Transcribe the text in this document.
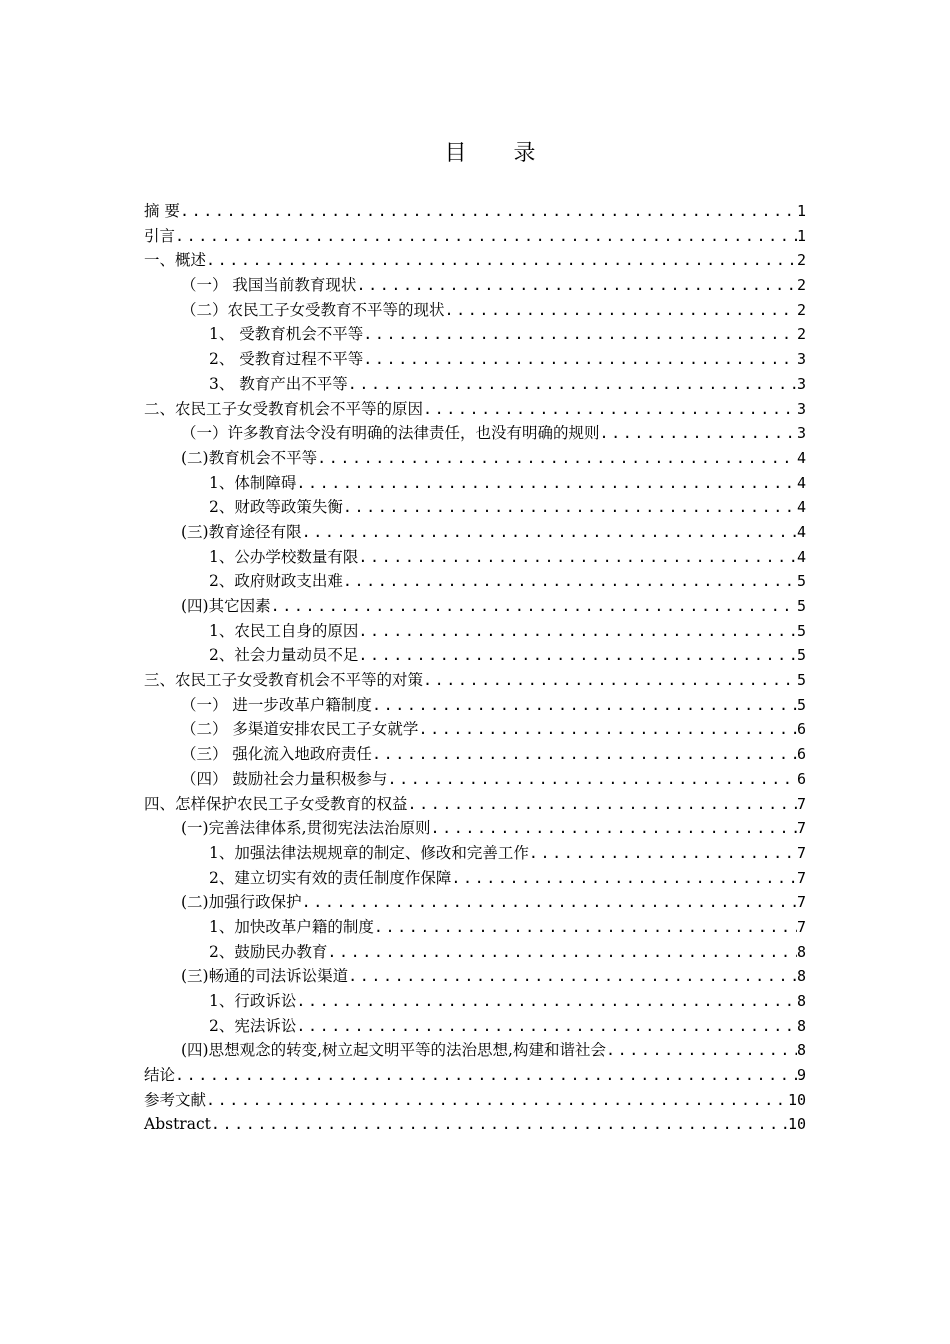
目 录
摘 要 .....	1
引言 .....	1
一、概述 .....	2
（一） 我国当前教育现状 .....	2
（二）农民工子女受教育不平等的现状 .....	2
1、 受教育机会不平等 .....	2
2、 受教育过程不平等 .....	3
3、 教育产出不平等 .....	3
二、农民工子女受教育机会不平等的原因 .....	3
（一）许多教育法令没有明确的法律责任，也没有明确的规则 .....	3
(二)教育机会不平等 .....	4
1、体制障碍 .....	4
2、财政等政策失衡 .....	4
(三)教育途径有限 .....	4
1、公办学校数量有限 .....	4
2、政府财政支出难 .....	5
(四)其它因素 .....	5
1、农民工自身的原因 .....	5
2、社会力量动员不足 .....	5
三、农民工子女受教育机会不平等的对策 .....	5
（一） 进一步改革户籍制度 .....	5
（二） 多渠道安排农民工子女就学 .....	6
（三） 强化流入地政府责任 .....	6
（四） 鼓励社会力量积极参与 .....	6
四、怎样保护农民工子女受教育的权益 .....	7
(一)完善法律体系,贯彻宪法法治原则 .....	7
1、加强法律法规规章的制定、修改和完善工作 .....	7
2、建立切实有效的责任制度作保障 .....	7
(二)加强行政保护 .....	7
1、加快改革户籍的制度 .....	7
2、鼓励民办教育 .....	8
(三)畅通的司法诉讼渠道 .....	8
1、行政诉讼 .....	8
2、宪法诉讼 .....	8
(四)思想观念的转变,树立起文明平等的法治思想,构建和谐社会 .....	8
结论 .....	9
参考文献 .....	10
Abstract .....	10
